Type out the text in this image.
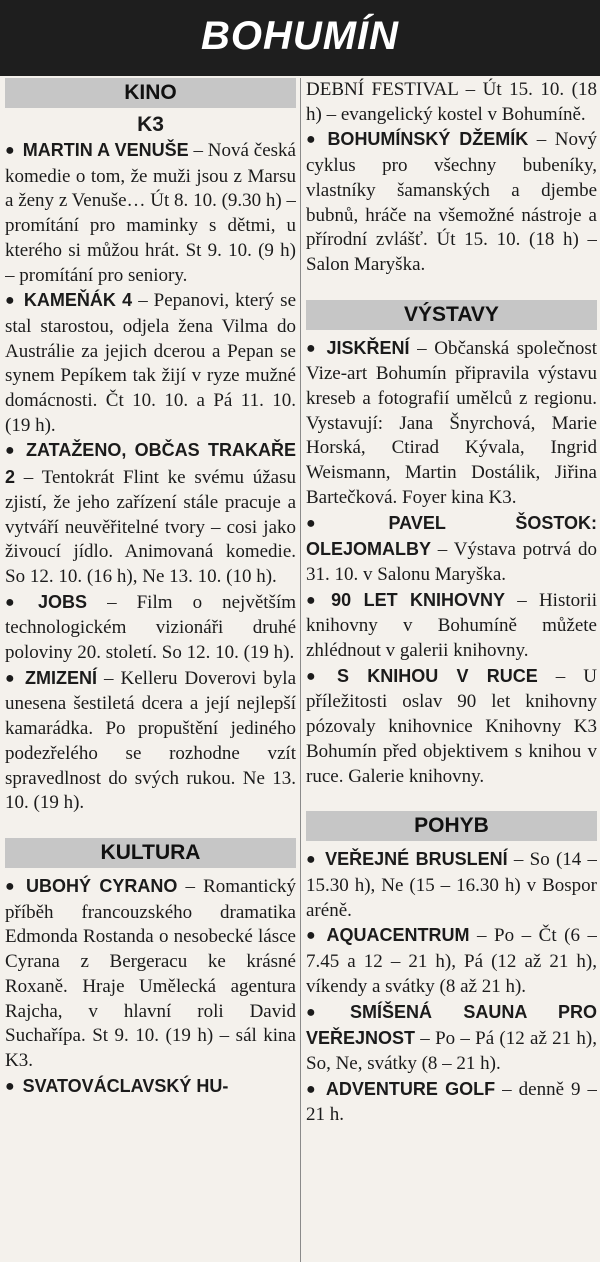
BOHUMÍN
KINO
K3

● MARTIN A VENUŠE – Nová česká komedie o tom, že muži jsou z Marsu a ženy z Venuše… Út 8. 10. (9.30 h) – promítání pro maminky s dětmi, u kterého si můžou hrát. St 9. 10. (9 h) – promítání pro seniory.

● KAMEŇÁK 4 – Pepanovi, který se stal starostou, odjela žena Vilma do Austrálie za jejich dcerou a Pepan se synem Pepíkem tak žijí v ryze mužné domácnosti. Čt 10. 10. a Pá 11. 10. (19 h).

● ZATAŽENO, OBČAS TRAKAŘE 2 – Tentokrát Flint ke svému úžasu zjistí, že jeho zařízení stále pracuje a vytváří neuvěřitelné tvory – cosi jako živoucí jídlo. Animovaná komedie. So 12. 10. (16 h), Ne 13. 10. (10 h).

● JOBS – Film o největším technologickém vizionáři druhé poloviny 20. století. So 12. 10. (19 h).

● ZMIZENÍ – Kelleru Doverovi byla unesena šestiletá dcera a její nejlepší kamarádka. Po propuštění jediného podezřelého se rozhodne vzít spravedlnost do svých rukou. Ne 13. 10. (19 h).

KULTURA

● UBOHÝ CYRANO – Romantický příběh francouzského dramatika Edmonda Rostanda o nesobecké lásce Cyrana z Bergeracu ke krásné Roxaně. Hraje Umělecká agentura Rajcha, v hlavní roli David Suchařípa. St 9. 10. (19 h) – sál kina K3.

● SVATOVÁCLAVSKÝ HU-

DEBNÍ FESTIVAL – Út 15. 10. (18 h) – evangelický kostel v Bohumíně.

● BOHUMÍNSKÝ DŽEMÍK – Nový cyklus pro všechny bubeníky, vlastníky šamanských a djembe bubnů, hráče na všemožné nástroje a přírodní zvlášť. Út 15. 10. (18 h) – Salon Maryška.

VÝSTAVY

● JISKŘENÍ – Občanská společnost Vize-art Bohumín připravila výstavu kreseb a fotografií umělců z regionu. Vystavují: Jana Šnyrchová, Marie Horská, Ctirad Kývala, Ingrid Weismann, Martin Dostálik, Jiřina Bartečková. Foyer kina K3.

● PAVEL ŠOSTOK: OLEJOMALBY – Výstava potrvá do 31. 10. v Salonu Maryška.

● 90 LET KNIHOVNY – Historii knihovny v Bohumíně můžete zhlédnout v galerii knihovny.

● S KNIHOU V RUCE – U příležitosti oslav 90 let knihovny pózovaly knihovnice Knihovny K3 Bohumín před objektivem s knihou v ruce. Galerie knihovny.

POHYB

● VEŘEJNÉ BRUSLENÍ – So (14 – 15.30 h), Ne (15 – 16.30 h) v Bospor aréně.

● AQUACENTRUM – Po – Čt (6 – 7.45 a 12 – 21 h), Pá (12 až 21 h), víkendy a svátky (8 až 21 h).

● SMÍŠENÁ SAUNA PRO VEŘEJNOST – Po – Pá (12 až 21 h), So, Ne, svátky (8 – 21 h).

● ADVENTURE GOLF – denně 9 – 21 h.
